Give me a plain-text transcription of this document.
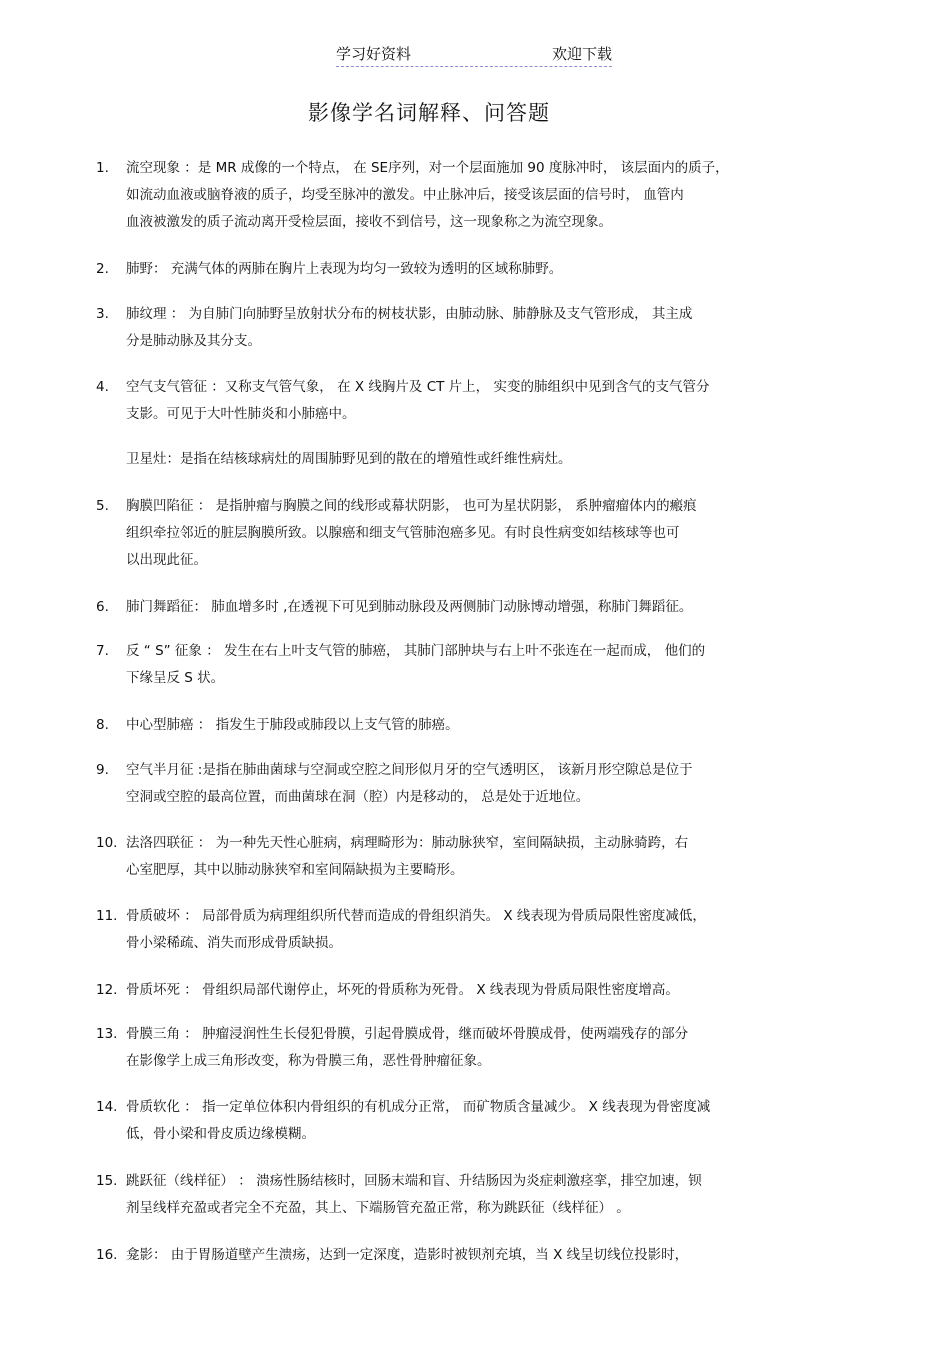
学习好资料	欢迎下载
影像学名词解释、问答题
1.	流空现象 ：是 MR 成像的一个特点， 在 SE序列，对一个层面施加 90 度脉冲时， 该层面内的质子，
如流动血液或脑脊液的质子，均受至脉冲的激发。中止脉冲后，接受该层面的信号时， 血管内
血液被激发的质子流动离开受检层面，接收不到信号，这一现象称之为流空现象。
2.	肺野： 充满气体的两肺在胸片上表现为均匀一致较为透明的区域称肺野。
3.	肺纹理 ： 为自肺门向肺野呈放射状分布的树枝状影，由肺动脉、肺静脉及支气管形成， 其主成
分是肺动脉及其分支。
4.	空气支气管征 ：又称支气管气象， 在 X 线胸片及 CT 片上， 实变的肺组织中见到含气的支气管分
支影。可见于大叶性肺炎和小肺癌中。
卫星灶：是指在结核球病灶的周围肺野见到的散在的增殖性或纤维性病灶。
5.	胸膜凹陷征 ： 是指肿瘤与胸膜之间的线形或幕状阴影， 也可为星状阴影， 系肿瘤瘤体内的瘢痕
组织牵拉邻近的脏层胸膜所致。以腺癌和细支气管肺泡癌多见。有时良性病变如结核球等也可
以出现此征。
6.	肺门舞蹈征： 肺血增多时 ,在透视下可见到肺动脉段及两侧肺门动脉博动增强，称肺门舞蹈征。
7.	反 “ S” 征象 ： 发生在右上叶支气管的肺癌， 其肺门部肿块与右上叶不张连在一起而成， 他们的
下缘呈反 S 状。
8.	中心型肺癌 ： 指发生于肺段或肺段以上支气管的肺癌。
9.	空气半月征 :是指在肺曲菌球与空洞或空腔之间形似月牙的空气透明区， 该新月形空隙总是位于
空洞或空腔的最高位置，而曲菌球在洞（腔）内是移动的， 总是处于近地位。
10. 法洛四联征 ： 为一种先天性心脏病，病理畸形为：肺动脉狭窄，室间隔缺损，主动脉骑跨，右
心室肥厚，其中以肺动脉狭窄和室间隔缺损为主要畸形。
11. 骨质破坏 ： 局部骨质为病理组织所代替而造成的骨组织消失。 X 线表现为骨质局限性密度减低，
骨小梁稀疏、消失而形成骨质缺损。
12. 骨质坏死 ： 骨组织局部代谢停止，坏死的骨质称为死骨。 X 线表现为骨质局限性密度增高。
13. 骨膜三角 ： 肿瘤浸润性生长侵犯骨膜，引起骨膜成骨，继而破坏骨膜成骨，使两端残存的部分
在影像学上成三角形改变，称为骨膜三角，恶性骨肿瘤征象。
14. 骨质软化 ： 指一定单位体积内骨组织的有机成分正常， 而矿物质含量减少。 X 线表现为骨密度减
低，骨小梁和骨皮质边缘模糊。
15. 跳跃征（线样征） ： 溃疡性肠结核时，回肠末端和盲、升结肠因为炎症刺激痉挛，排空加速，钡
剂呈线样充盈或者完全不充盈，其上、下端肠管充盈正常，称为跳跃征（线样征） 。
16. 龛影： 由于胃肠道壁产生溃疡，达到一定深度，造影时被钡剂充填，当 X 线呈切线位投影时，
